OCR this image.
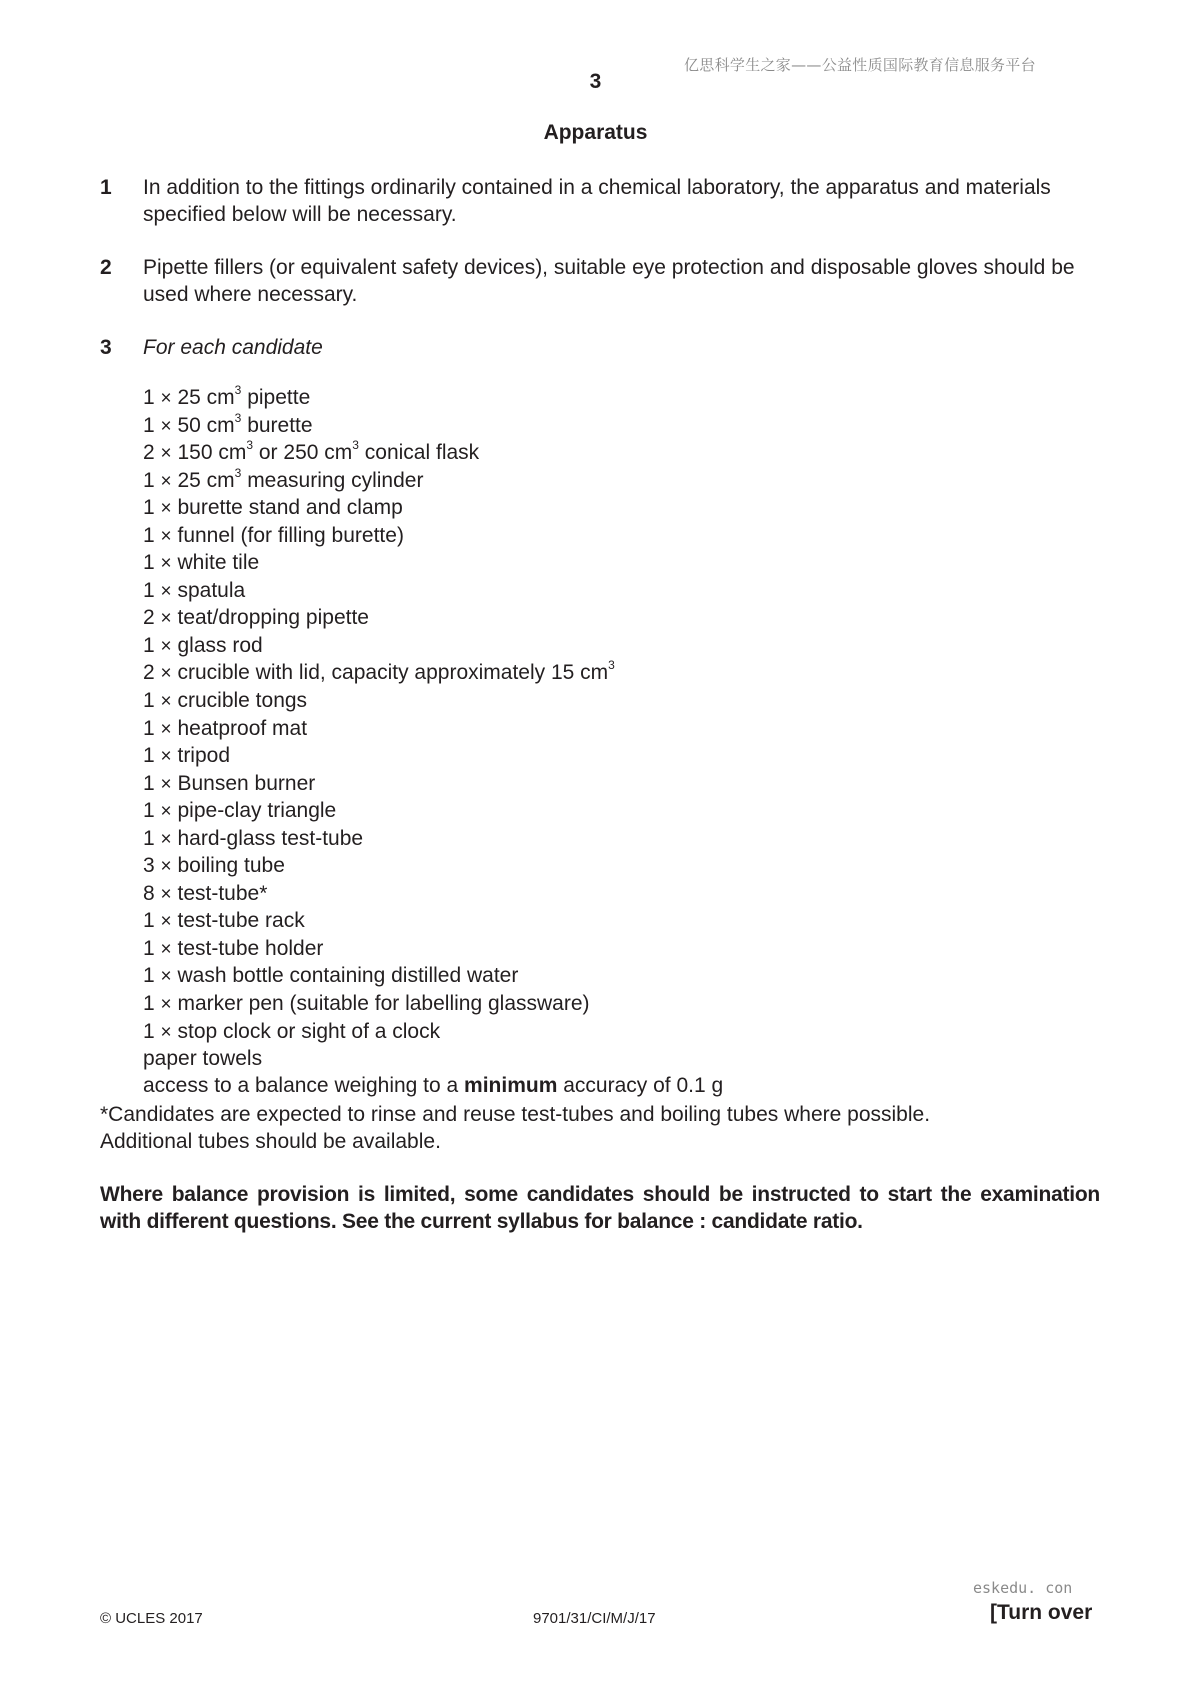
亿思科学生之家——公益性质国际教育信息服务平台
3
Apparatus
1 In addition to the fittings ordinarily contained in a chemical laboratory, the apparatus and materials specified below will be necessary.
2 Pipette fillers (or equivalent safety devices), suitable eye protection and disposable gloves should be used where necessary.
3 For each candidate
1 × 25 $cm^3$ pipette
1 × 50 $cm^3$ burette
2 × 150 $cm^3$ or 250 $cm^3$ conical flask
1 × 25 $cm^3$ measuring cylinder
1 × burette stand and clamp
1 × funnel (for filling burette)
1 × white tile
1 × spatula
2 × teat/dropping pipette
1 × glass rod
2 × crucible with lid, capacity approximately 15 $cm^3$
1 × crucible tongs
1 × heatproof mat
1 × tripod
1 × Bunsen burner
1 × pipe-clay triangle
1 × hard-glass test-tube
3 × boiling tube
8 × test-tube*
1 × test-tube rack
1 × test-tube holder
1 × wash bottle containing distilled water
1 × marker pen (suitable for labelling glassware)
1 × stop clock or sight of a clock
paper towels
access to a balance weighing to a minimum accuracy of 0.1 g
*Candidates are expected to rinse and reuse test-tubes and boiling tubes where possible.
Additional tubes should be available.
Where balance provision is limited, some candidates should be instructed to start the examination with different questions. See the current syllabus for balance : candidate ratio.
eskedu. con
© UCLES 2017	9701/31/CI/M/J/17	[Turn over
